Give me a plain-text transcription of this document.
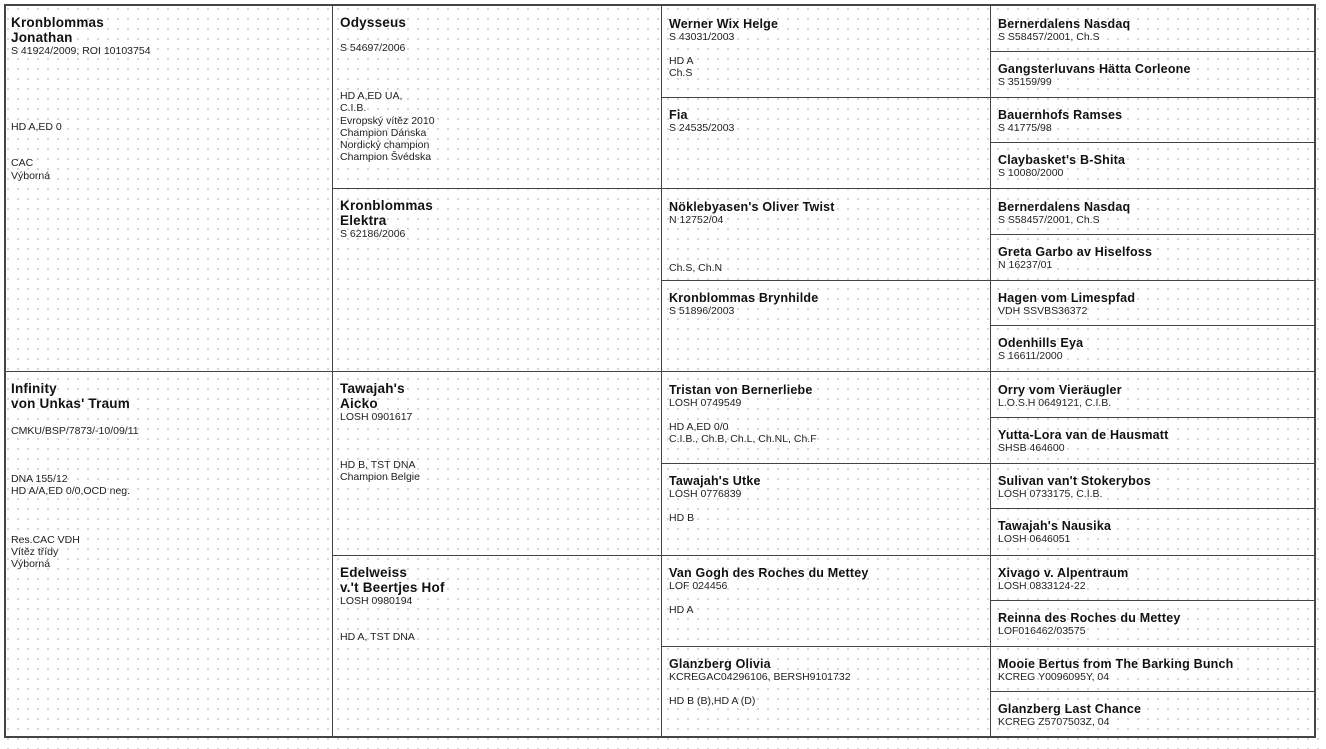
Kronblommas
Jonathan
S 41924/2009, ROI 10103754
HD A,ED 0
CAC
Výborná
Infinity
von Unkas' Traum
CMKU/BSP/7873/-10/09/11
DNA 155/12
HD A/A,ED 0/0,OCD neg.
Res.CAC VDH
Vítěz třídy
Výborná
Odysseus
S 54697/2006
HD A,ED UA,
C.I.B.
Evropský vítěz 2010
Champion Dánska
Nordický champion
Champion Švédska
Kronblommas
Elektra
S 62186/2006
Tawajah's
Aicko
LOSH 0901617
HD B, TST DNA
Champion Belgie
Edelweiss
v.'t Beertjes Hof
LOSH 0980194
HD A, TST DNA
Werner Wix Helge
S 43031/2003
HD A
Ch.S
Fia
S 24535/2003
Nöklebyasen's Oliver Twist
N 12752/04
Ch.S, Ch.N
Kronblommas Brynhilde
S 51896/2003
Tristan von Bernerliebe
LOSH 0749549
HD A,ED 0/0
C.I.B., Ch.B, Ch.L, Ch.NL, Ch.F
Tawajah's Utke
LOSH 0776839
HD B
Van Gogh des Roches du Mettey
LOF 024456
HD A
Glanzberg Olivia
KCREGAC04296106, BERSH9101732
HD B (B),HD A (D)
Bernerdalens Nasdaq
S S58457/2001, Ch.S
Gangsterluvans Hätta Corleone
S 35159/99
Bauernhofs Ramses
S 41775/98
Claybasket's B-Shita
S 10080/2000
Bernerdalens Nasdaq
S S58457/2001, Ch.S
Greta Garbo av Hiselfoss
N 16237/01
Hagen vom Limespfad
VDH SSVBS36372
Odenhills Eya
S 16611/2000
Orry vom Vieräugler
L.O.S.H 0649121, C.I.B.
Yutta-Lora van de Hausmatt
SHSB 464600
Sulivan van't Stokerybos
LOSH 0733175, C.I.B.
Tawajah's Nausika
LOSH 0646051
Xivago v. Alpentraum
LOSH 0833124-22
Reinna des Roches du Mettey
LOF016462/03575
Mooie Bertus from The Barking Bunch
KCREG Y0096095Y, 04
Glanzberg Last Chance
KCREG Z5707503Z, 04
